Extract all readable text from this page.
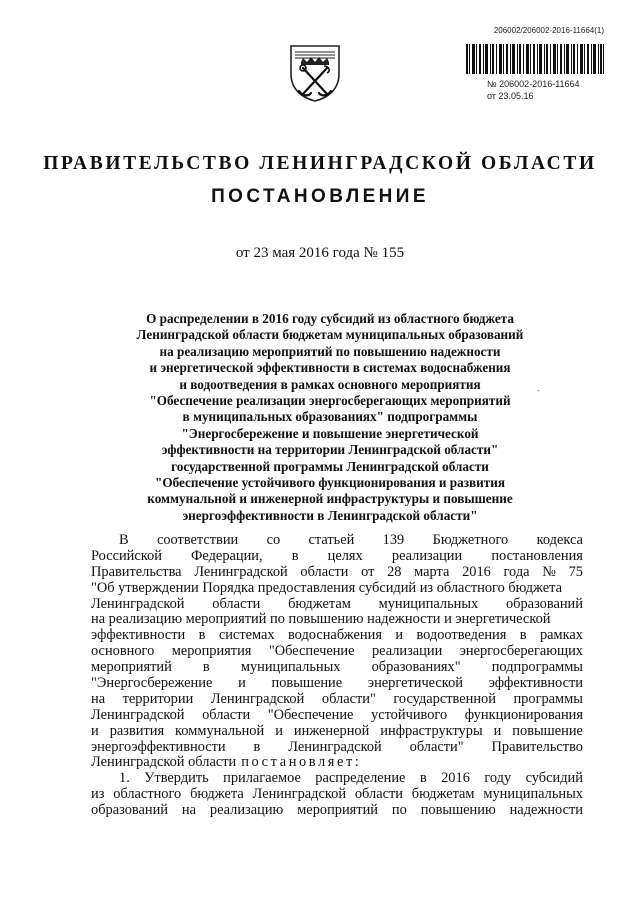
206002/206002-2016-11664(1)
№ 206002-2016-11664
от 23.05.16
ПРАВИТЕЛЬСТВО ЛЕНИНГРАДСКОЙ ОБЛАСТИ
ПОСТАНОВЛЕНИЕ
от 23 мая 2016 года № 155
О распределении в 2016 году субсидий из областного бюджета
Ленинградской области бюджетам муниципальных образований
на реализацию мероприятий по повышению надежности
и энергетической эффективности в системах водоснабжения
и водоотведения в рамках основного мероприятия
"Обеспечение реализации энергосберегающих мероприятий
в муниципальных образованиях" подпрограммы
"Энергосбережение и повышение энергетической
эффективности на территории Ленинградской области"
государственной программы Ленинградской области
"Обеспечение устойчивого функционирования и развития
коммунальной и инженерной инфраструктуры и повышение
энергоэффективности в Ленинградской области"
ˏ
В соответствии со статьей 139 Бюджетного кодекса
Российской Федерации, в целях реализации постановления
Правительства Ленинградской области от 28 марта 2016 года № 75
"Об утверждении Порядка предоставления субсидий из областного бюджета
Ленинградской области бюджетам муниципальных образований
на реализацию мероприятий по повышению надежности и энергетической
эффективности в системах водоснабжения и водоотведения в рамках
основного мероприятия "Обеспечение реализации энергосберегающих
мероприятий в муниципальных образованиях" подпрограммы
"Энергосбережение и повышение энергетической эффективности
на территории Ленинградской области" государственной программы
Ленинградской области "Обеспечение устойчивого функционирования
и развития коммунальной и инженерной инфраструктуры и повышение
энергоэффективности в Ленинградской области" Правительство
Ленинградской области постановляет:
1. Утвердить прилагаемое распределение в 2016 году субсидий
из областного бюджета Ленинградской области бюджетам муниципальных
образований на реализацию мероприятий по повышению надежности
